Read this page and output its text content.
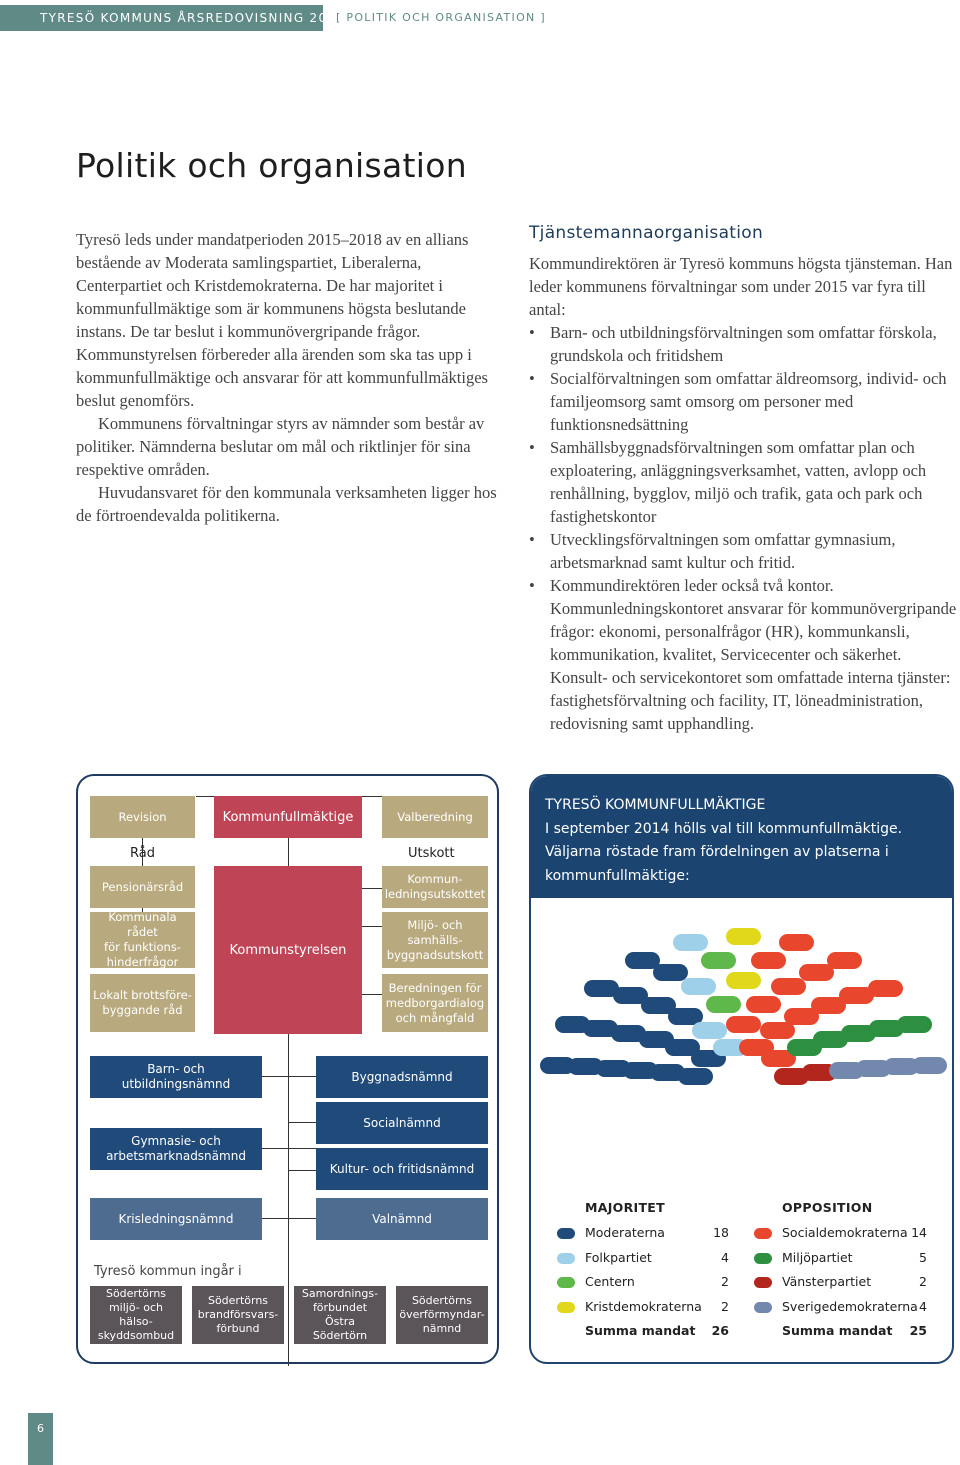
TYRESÖ KOMMUNS ÅRSREDOVISNING 2015
[ POLITIK OCH ORGANISATION ]
Politik och organisation

Tyresö leds under mandatperioden 2015–2018 av en allians bestående av Moderata samlingspartiet, Liberalerna, Centerpartiet och Kristdemokraterna. De har majoritet i kommunfullmäktige som är kommunens högsta beslutande instans. De tar beslut i kommunövergripande frågor. Kommunstyrelsen förbereder alla ärenden som ska tas upp i kommunfullmäktige och ansvarar för att kommunfullmäktiges beslut genomförs.

Kommunens förvaltningar styrs av nämnder som består av politiker. Nämnderna beslutar om mål och riktlinjer för sina respektive områden.

Huvudansvaret för den kommunala verksamheten ligger hos de förtroendevalda politikerna.

Tjänstemannaorganisation

Kommundirektören är Tyresö kommuns högsta tjänsteman. Han leder kommunens förvaltningar som under 2015 var fyra till antal:

• Barn- och utbildningsförvaltningen som omfattar förskola, grundskola och fritidshem
• Socialförvaltningen som omfattar äldreomsorg, individ- och familjeomsorg samt omsorg om personer med funktionsnedsättning
• Samhällsbyggnadsförvaltningen som omfattar plan och exploatering, anläggningsverksamhet, vatten, avlopp och renhållning, bygglov, miljö och trafik, gata och park och fastighetskontor
• Utvecklingsförvaltningen som omfattar gymnasium, arbetsmarknad samt kultur och fritid.
• Kommundirektören leder också två kontor. Kommunledningskontoret ansvarar för kommunövergripande frågor: ekonomi, personalfrågor (HR), kommunkansli, kommunikation, kvalitet, Servicecenter och säkerhet. Konsult- och servicekontoret som omfattade interna tjänster: fastighetsförvaltning och facility, IT, löneadministration, redovisning samt upphandling.
Revision	Kommunfullmäktige	Valberedning
Råd	Utskott
Pensionärsråd
Kommunstyrelsen
Kommun-
ledningsutskottet
Kommunala rådet
för funktions-
hinderfrågor
Miljö- och
samhälls-
byggnadsutskott
Lokalt brottsföre-
byggande råd
Beredningen för
medborgardialog
och mångfald
Barn- och utbildningsnämnd
Byggnadsnämnd
Socialnämnd
Gymnasie- och
arbetsmarknadsnämnd
Kultur- och fritidsnämnd
Krisledningsnämnd	Valnämnd
Tyresö kommun ingår i
Södertörns
miljö- och hälso-
skyddsombud
Södertörns
brandförsvars-
förbund
Samordnings-
förbundet Östra
Södertörn
Södertörns
överförmyndar-
nämnd
TYRESÖ KOMMUNFULLMÄKTIGE
I september 2014 hölls val till kommunfullmäktige.
Väljarna röstade fram fördelningen av platserna i
kommunfullmäktige:
MAJORITET	OPPOSITION
Moderaterna	18
Folkpartiet	4
Centern	2
Kristdemokraterna	2
Socialdemokraterna 14
Miljöpartiet	5
Vänsterpartiet	2
Sverigedemokraterna 4
Summa mandat 26	Summa mandat 25
6
